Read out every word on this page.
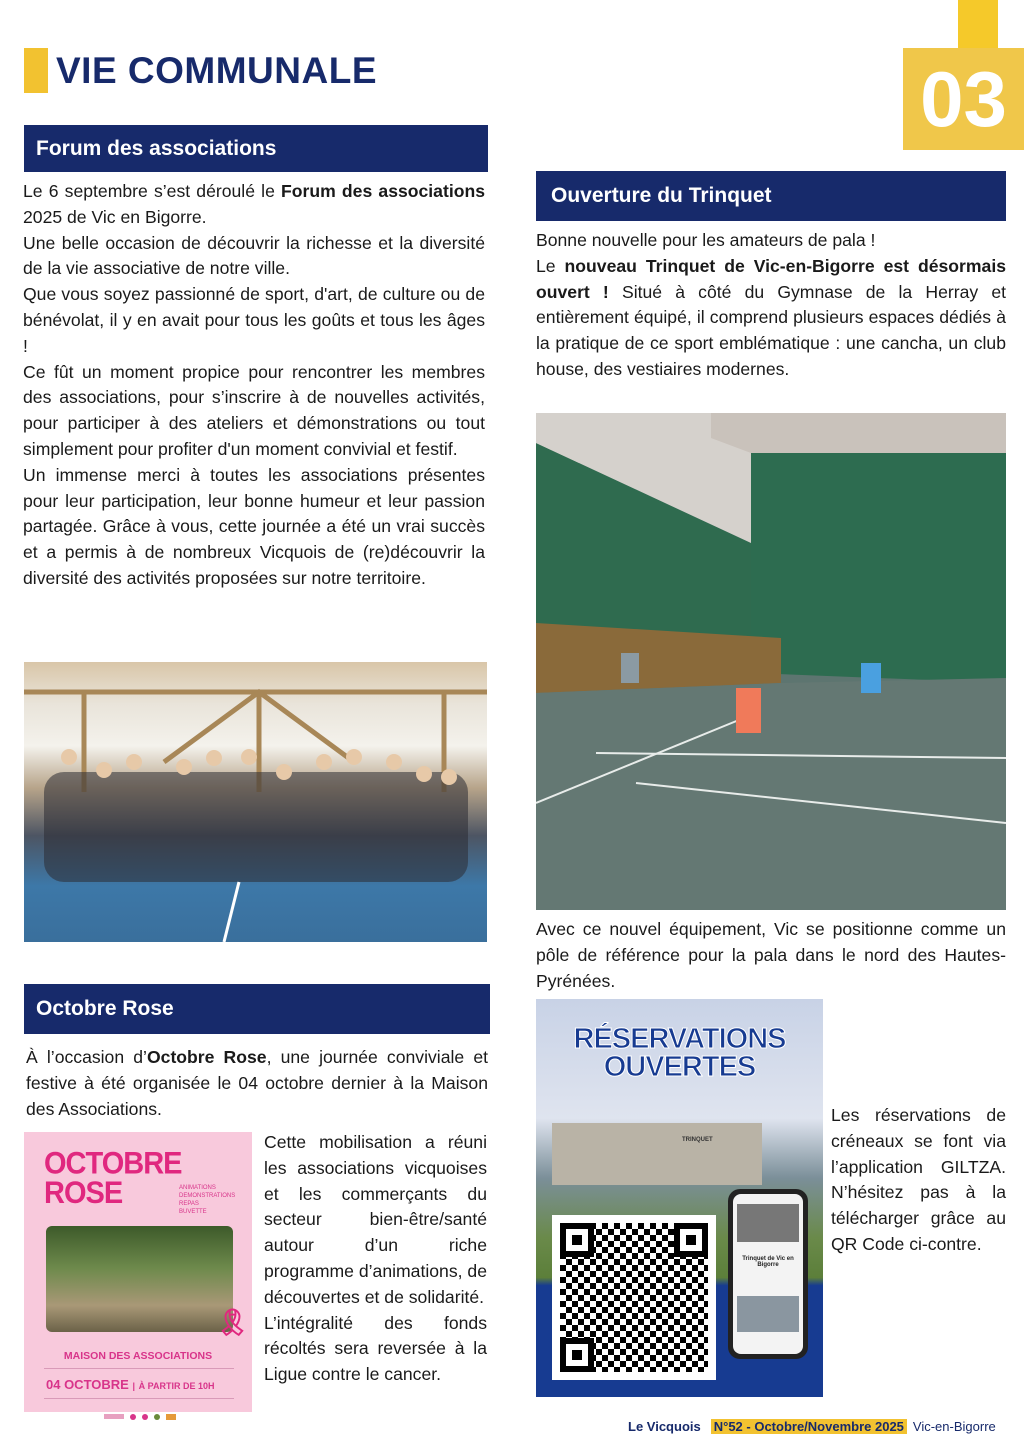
VIE COMMUNALE	03
Forum des associations

Le 6 septembre s’est déroulé le Forum des associations 2025 de Vic en Bigorre.

Une belle occasion de découvrir la richesse et la diversité de la vie associative de notre ville.

Que vous soyez passionné de sport, d'art, de culture ou de bénévolat, il y en avait pour tous les goûts et tous les âges !

Ce fût un moment propice pour rencontrer les membres des associations, pour s’inscrire à de nouvelles activités, pour participer à des ateliers et démonstrations ou tout simplement pour profiter d'un moment convivial et festif.

Un immense merci à toutes les associations présentes pour leur participation, leur bonne humeur et leur passion partagée. Grâce à vous, cette journée a été un vrai succès et a permis à de nombreux Vicquois de (re)découvrir la diversité des activités proposées sur notre territoire.

Octobre Rose

À l’occasion d’Octobre Rose, une journée conviviale et festive à été organisée le 04 octobre dernier à la Maison des Associations.

OCTOBRE
ROSE	ANIMATIONS
DEMONSTRATIONS
REPAS
BUVETTE
🎗
MAISON DES ASSOCIATIONS
04 OCTOBRE | À PARTIR DE 10H

Cette mobilisation a réuni les associations vicquoises et les commerçants du secteur bien-être/santé autour d’un riche programme d’animations, de découvertes et de solidarité.

L’intégralité des fonds récoltés sera reversée à la Ligue contre le cancer.

Ouverture du Trinquet

Bonne nouvelle pour les amateurs de pala !

Le nouveau Trinquet de Vic-en-Bigorre est désormais ouvert ! Situé à côté du Gymnase de la Herray et entièrement équipé, il comprend plusieurs espaces dédiés à la pratique de ce sport emblématique : une cancha, un club house, des vestiaires modernes.

Avec ce nouvel équipement, Vic se positionne comme un pôle de référence pour la pala dans le nord des Hautes-Pyrénées.

RÉSERVATIONS
OUVERTES
TRINQUET
Trinquet de Vic en Bigorre

Les réservations de créneaux se font via l’application GILTZA. N’hésitez pas à la télécharger grâce au QR Code ci-contre.

Le Vicquois N°52 - Octobre/Novembre 2025 Vic-en-Bigorre
